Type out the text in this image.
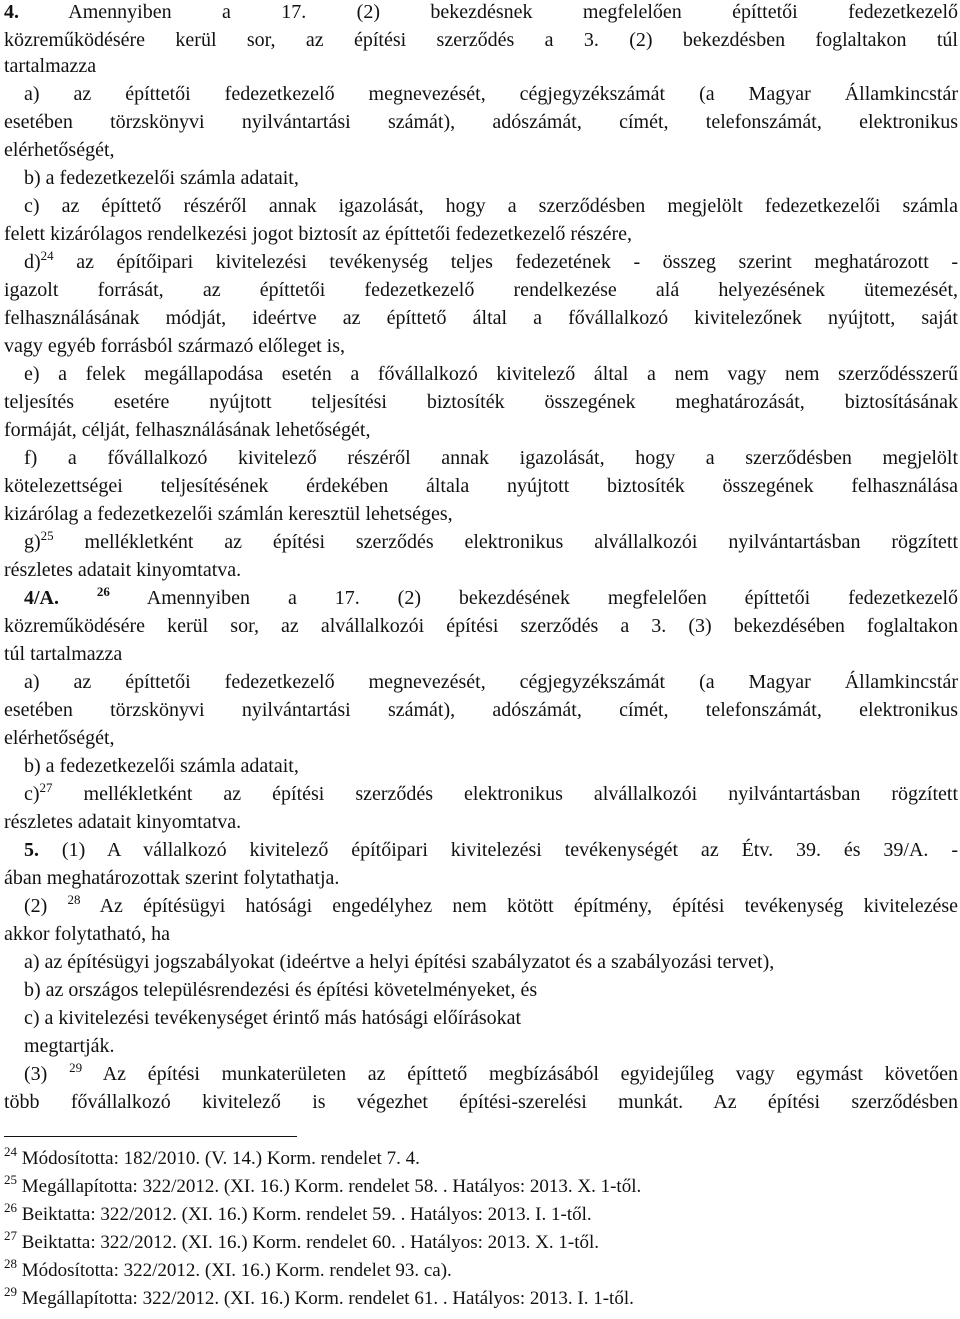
4. Amennyiben a 17. (2) bekezdésnek megfelelően építtetői fedezetkezelő
közreműködésére kerül sor, az építési szerződés a 3. (2) bekezdésben foglaltakon túl
tartalmazza
a) az építtetői fedezetkezelő megnevezését, cégjegyzékszámát (a Magyar Államkincstár
esetében törzskönyvi nyilvántartási számát), adószámát, címét, telefonszámát, elektronikus
elérhetőségét,
b) a fedezetkezelői számla adatait,
c) az építtető részéről annak igazolását, hogy a szerződésben megjelölt fedezetkezelői számla
felett kizárólagos rendelkezési jogot biztosít az építtetői fedezetkezelő részére,
d)$^{24}$ az építőipari kivitelezési tevékenység teljes fedezetének - összeg szerint meghatározott -
igazolt forrását, az építtetői fedezetkezelő rendelkezése alá helyezésének ütemezését,
felhasználásának módját, ideértve az építtető által a fővállalkozó kivitelezőnek nyújtott, saját
vagy egyéb forrásból származó előleget is,
e) a felek megállapodása esetén a fővállalkozó kivitelező által a nem vagy nem szerződésszerű
teljesítés esetére nyújtott teljesítési biztosíték összegének meghatározását, biztosításának
formáját, célját, felhasználásának lehetőségét,
f) a fővállalkozó kivitelező részéről annak igazolását, hogy a szerződésben megjelölt
kötelezettségei teljesítésének érdekében általa nyújtott biztosíték összegének felhasználása
kizárólag a fedezetkezelői számlán keresztül lehetséges,
g)$^{25}$ mellékletként az építési szerződés elektronikus alvállalkozói nyilvántartásban rögzített
részletes adatait kinyomtatva.
4/A.	$^{26}$ Amennyiben a 17. (2) bekezdésének megfelelően építtetői fedezetkezelő
közreműködésére kerül sor, az alvállalkozói építési szerződés a 3. (3) bekezdésében foglaltakon
túl tartalmazza
a) az építtetői fedezetkezelő megnevezését, cégjegyzékszámát (a Magyar Államkincstár
esetében törzskönyvi nyilvántartási számát), adószámát, címét, telefonszámát, elektronikus
elérhetőségét,
b) a fedezetkezelői számla adatait,
c)$^{27}$ mellékletként az építési szerződés elektronikus alvállalkozói nyilvántartásban rögzített
részletes adatait kinyomtatva.
5. (1) A vállalkozó kivitelező építőipari kivitelezési tevékenységét az Étv. 39. és 39/A. -
ában meghatározottak szerint folytathatja.
(2) $^{28}$ Az építésügyi hatósági engedélyhez nem kötött építmény, építési tevékenység kivitelezése
akkor folytatható, ha
a) az építésügyi jogszabályokat (ideértve a helyi építési szabályzatot és a szabályozási tervet),
b) az országos településrendezési és építési követelményeket, és
c) a kivitelezési tevékenységet érintő más hatósági előírásokat
megtartják.
(3) $^{29}$ Az építési munkaterületen az építtető megbízásából egyidejűleg vagy egymást követően
több fővállalkozó kivitelező is végezhet építési-szerelési munkát. Az építési szerződésben
$^{24}$ Módosította: 182/2010. (V. 14.) Korm. rendelet 7. 4.
$^{25}$ Megállapította: 322/2012. (XI. 16.) Korm. rendelet 58. . Hatályos: 2013. X. 1-től.
$^{26}$ Beiktatta: 322/2012. (XI. 16.) Korm. rendelet 59. . Hatályos: 2013. I. 1-től.
$^{27}$ Beiktatta: 322/2012. (XI. 16.) Korm. rendelet 60. . Hatályos: 2013. X. 1-től.
$^{28}$ Módosította: 322/2012. (XI. 16.) Korm. rendelet 93. ca).
$^{29}$ Megállapította: 322/2012. (XI. 16.) Korm. rendelet 61. . Hatályos: 2013. I. 1-től.
